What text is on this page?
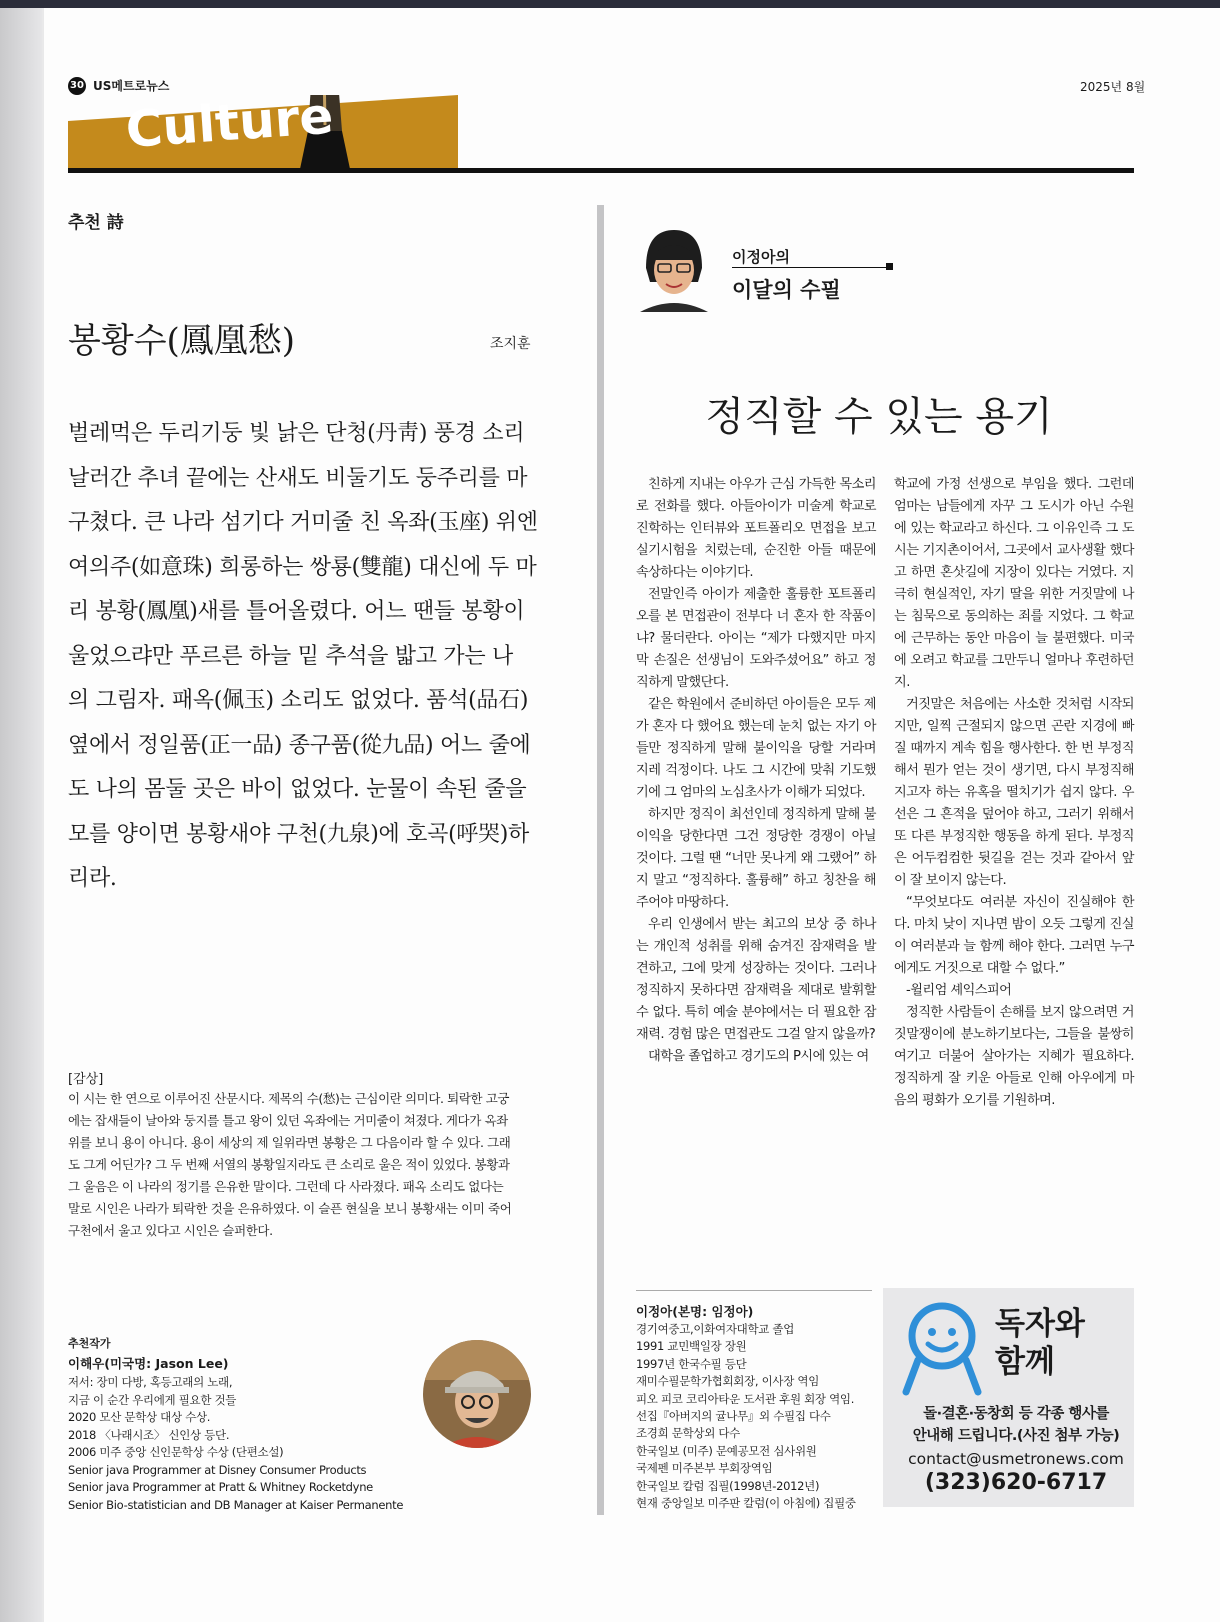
30 US메트로뉴스	2025년 8월
Culture
추천 詩
봉황수(鳳凰愁)	조지훈
벌레먹은 두리기둥 빛 낡은 단청(丹靑) 풍경 소리
날러간 추녀 끝에는 산새도 비둘기도 둥주리를 마
구쳤다. 큰 나라 섬기다 거미줄 친 옥좌(玉座) 위엔
여의주(如意珠) 희롱하는 쌍룡(雙龍) 대신에 두 마
리 봉황(鳳凰)새를 틀어올렸다. 어느 땐들 봉황이
울었으랴만 푸르른 하늘 밑 추석을 밟고 가는 나
의 그림자. 패옥(佩玉) 소리도 없었다. 품석(品石)
옆에서 정일품(正一品) 종구품(從九品) 어느 줄에
도 나의 몸둘 곳은 바이 없었다. 눈물이 속된 줄을
모를 양이면 봉황새야 구천(九泉)에 호곡(呼哭)하
리라.
[감상]
이 시는 한 연으로 이루어진 산문시다. 제목의 수(愁)는 근심이란 의미다. 퇴락한 고궁
에는 잡새들이 날아와 둥지를 틀고 왕이 있던 옥좌에는 거미줄이 쳐졌다. 게다가 옥좌
위를 보니 용이 아니다. 용이 세상의 제 일위라면 봉황은 그 다음이라 할 수 있다. 그래
도 그게 어딘가? 그 두 번째 서열의 봉황일지라도 큰 소리로 울은 적이 있었다. 봉황과
그 울음은 이 나라의 정기를 은유한 말이다. 그런데 다 사라졌다. 패옥 소리도 없다는
말로 시인은 나라가 퇴락한 것을 은유하였다. 이 슬픈 현실을 보니 봉황새는 이미 죽어
구천에서 울고 있다고 시인은 슬퍼한다.
추천작가
이해우(미국명: Jason Lee)
저서: 장미 다방, 혹등고래의 노래,
지금 이 순간 우리에게 필요한 것들
2020 모산 문학상 대상 수상.
2018 〈나래시조〉 신인상 등단.
2006 미주 중앙 신인문학상 수상 (단편소설)
Senior java Programmer at Disney Consumer Products
Senior java Programmer at Pratt & Whitney Rocketdyne
Senior Bio-statistician and DB Manager at Kaiser Permanente
이정아의
이달의 수필
정직할 수 있는 용기

친하게 지내는 아우가 근심 가득한 목소리로 전화를 했다. 아들아이가 미술계 학교로 진학하는 인터뷰와 포트폴리오 면접을 보고 실기시험을 치렀는데, 순진한 아들 때문에 속상하다는 이야기다.

전말인즉 아이가 제출한 훌륭한 포트폴리오를 본 면접관이 전부다 너 혼자 한 작품이냐? 물더란다. 아이는 “제가 다했지만 마지막 손질은 선생님이 도와주셨어요” 하고 정직하게 말했단다.

같은 학원에서 준비하던 아이들은 모두 제가 혼자 다 했어요 했는데 눈치 없는 자기 아들만 정직하게 말해 불이익을 당할 거라며 지레 걱정이다. 나도 그 시간에 맞춰 기도했기에 그 엄마의 노심초사가 이해가 되었다.

하지만 정직이 최선인데 정직하게 말해 불이익을 당한다면 그건 정당한 경쟁이 아닐 것이다. 그럴 땐 “너만 못나게 왜 그랬어” 하지 말고 “정직하다. 훌륭해” 하고 칭찬을 해주어야 마땅하다.

우리 인생에서 받는 최고의 보상 중 하나는 개인적 성취를 위해 숨겨진 잠재력을 발견하고, 그에 맞게 성장하는 것이다. 그러나 정직하지 못하다면 잠재력을 제대로 발휘할 수 없다. 특히 예술 분야에서는 더 필요한 잠재력. 경험 많은 면접관도 그걸 알지 않을까?

대학을 졸업하고 경기도의 P시에 있는 여

학교에 가정 선생으로 부임을 했다. 그런데 엄마는 남들에게 자꾸 그 도시가 아닌 수원에 있는 학교라고 하신다. 그 이유인즉 그 도시는 기지촌이어서, 그곳에서 교사생활 했다고 하면 혼삿길에 지장이 있다는 거였다. 지극히 현실적인, 자기 딸을 위한 거짓말에 나는 침묵으로 동의하는 죄를 지었다. 그 학교에 근무하는 동안 마음이 늘 불편했다. 미국에 오려고 학교를 그만두니 얼마나 후련하던지.

거짓말은 처음에는 사소한 것처럼 시작되지만, 일찍 근절되지 않으면 곤란 지경에 빠질 때까지 계속 힘을 행사한다. 한 번 부정직해서 뭔가 얻는 것이 생기면, 다시 부정직해지고자 하는 유혹을 떨치기가 쉽지 않다. 우선은 그 흔적을 덮어야 하고, 그러기 위해서 또 다른 부정직한 행동을 하게 된다. 부정직은 어두컴컴한 뒷길을 걷는 것과 같아서 앞이 잘 보이지 않는다.

“무엇보다도 여러분 자신이 진실해야 한다. 마치 낮이 지나면 밤이 오듯 그렇게 진실이 여러분과 늘 함께 해야 한다. 그러면 누구에게도 거짓으로 대할 수 없다.”

-윌리엄 셰익스피어

정직한 사람들이 손해를 보지 않으려면 거짓말쟁이에 분노하기보다는, 그들을 불쌍히 여기고 더불어 살아가는 지혜가 필요하다. 정직하게 잘 키운 아들로 인해 아우에게 마음의 평화가 오기를 기원하며.

이정아(본명: 임정아)
경기여중고,이화여자대학교 졸업
1991 교민백일장 장원
1997년 한국수필 등단
재미수필문학가협회회장, 이사장 역임
피오 피코 코리아타운 도서관 후원 회장 역임.
선집『아버지의 귤나무』외 수필집 다수
조경희 문학상외 다수
한국일보 (미주) 문예공모전 심사위원
국제펜 미주본부 부회장역임
한국일보 칼럼 집필(1998년-2012년)
현재 중앙일보 미주판 칼럼(이 아침에) 집필중
독자와
함께
돌·결혼·동창회 등 각종 행사를
안내해 드립니다.(사진 첨부 가능)
contact@usmetronews.com
(323)620-6717
